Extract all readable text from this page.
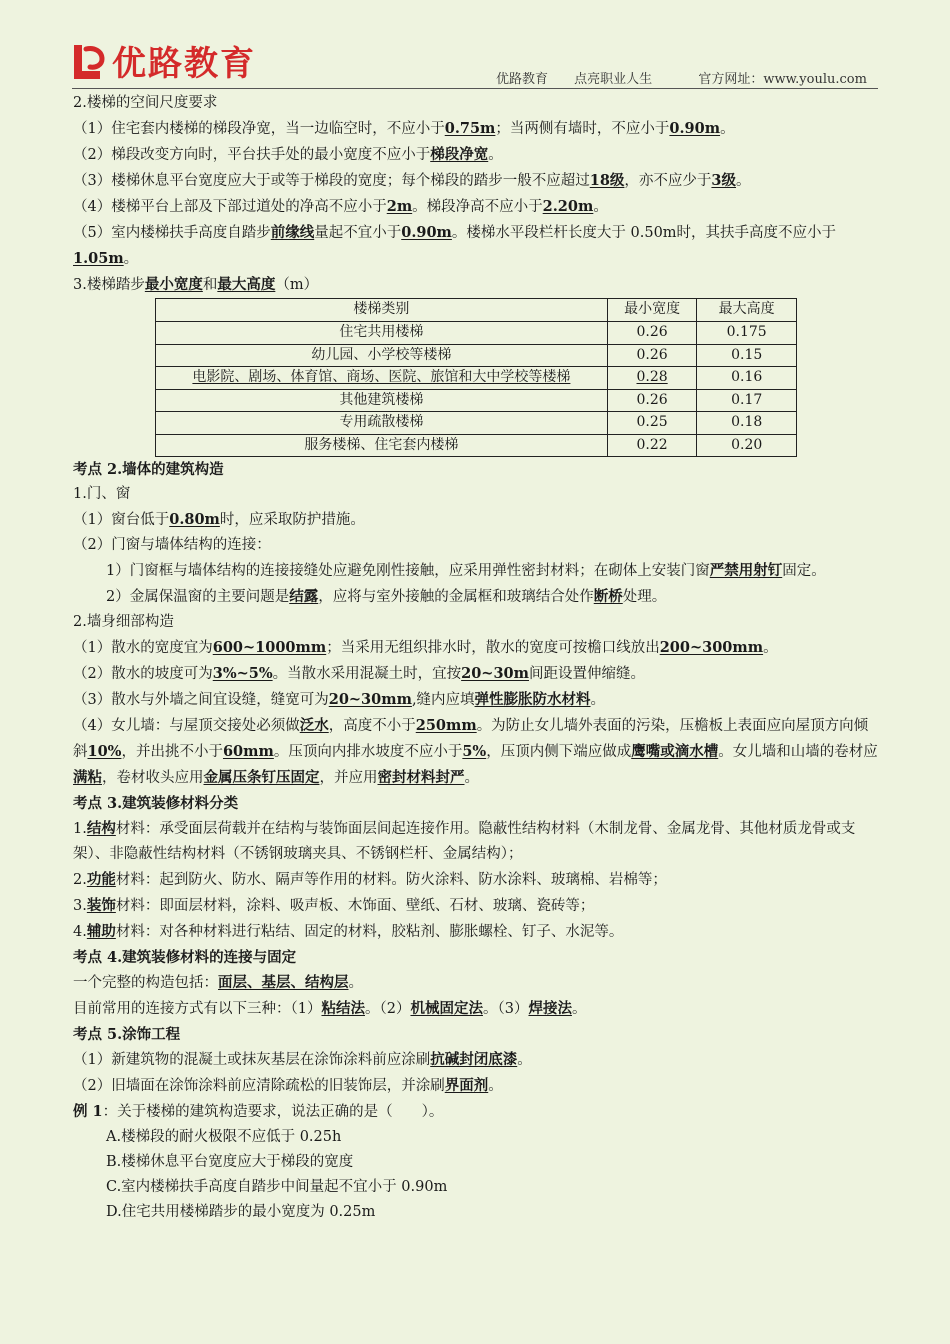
优路教育	优路教育 点亮职业人生	官方网址：www.youlu.com

2.楼梯的空间尺度要求

（1）住宅套内楼梯的梯段净宽，当一边临空时，不应小于0.75m；当两侧有墙时，不应小于0.90m。

（2）梯段改变方向时，平台扶手处的最小宽度不应小于梯段净宽。

（3）楼梯休息平台宽度应大于或等于梯段的宽度；每个梯段的踏步一般不应超过18级，亦不应少于3级。

（4）楼梯平台上部及下部过道处的净高不应小于2m。梯段净高不应小于2.20m。

（5）室内楼梯扶手高度自踏步前缘线量起不宜小于0.90m。楼梯水平段栏杆长度大于 0.50m时，其扶手高度不应小于1.05m。

3.楼梯踏步最小宽度和最大高度（m）

楼梯类别	最小宽度	最大高度
住宅共用楼梯	0.26	0.175
幼儿园、小学校等楼梯	0.26	0.15
电影院、剧场、体育馆、商场、医院、旅馆和大中学校等楼梯	0.28	0.16
其他建筑楼梯	0.26	0.17
专用疏散楼梯	0.25	0.18
服务楼梯、住宅套内楼梯	0.22	0.20

考点 2.墙体的建筑构造

1.门、窗

（1）窗台低于0.80m时，应采取防护措施。

（2）门窗与墙体结构的连接：

1）门窗框与墙体结构的连接接缝处应避免刚性接触，应采用弹性密封材料；在砌体上安装门窗严禁用射钉固定。

2）金属保温窗的主要问题是结露，应将与室外接触的金属框和玻璃结合处作断桥处理。

2.墙身细部构造

（1）散水的宽度宜为600~1000mm；当采用无组织排水时，散水的宽度可按檐口线放出200~300mm。

（2）散水的坡度可为3%~5%。当散水采用混凝土时，宜按20~30m间距设置伸缩缝。

（3）散水与外墙之间宜设缝，缝宽可为20~30mm,缝内应填弹性膨胀防水材料。

（4）女儿墙：与屋顶交接处必须做泛水，高度不小于250mm。为防止女儿墙外表面的污染，压檐板上表面应向屋顶方向倾斜10%，并出挑不小于60mm。压顶向内排水坡度不应小于5%，压顶内侧下端应做成鹰嘴或滴水槽。女儿墙和山墙的卷材应满粘，卷材收头应用金属压条钉压固定，并应用密封材料封严。

考点 3.建筑装修材料分类

1.结构材料：承受面层荷载并在结构与装饰面层间起连接作用。隐蔽性结构材料（木制龙骨、金属龙骨、其他材质龙骨或支架）、非隐蔽性结构材料（不锈钢玻璃夹具、不锈钢栏杆、金属结构）；

2.功能材料：起到防火、防水、隔声等作用的材料。防火涂料、防水涂料、玻璃棉、岩棉等；

3.装饰材料：即面层材料，涂料、吸声板、木饰面、壁纸、石材、玻璃、瓷砖等；

4.辅助材料：对各种材料进行粘结、固定的材料，胶粘剂、膨胀螺栓、钉子、水泥等。

考点 4.建筑装修材料的连接与固定

一个完整的构造包括：面层、基层、结构层。

目前常用的连接方式有以下三种：（1）粘结法。（2）机械固定法。（3）焊接法。

考点 5.涂饰工程

（1）新建筑物的混凝土或抹灰基层在涂饰涂料前应涂刷抗碱封闭底漆。

（2）旧墙面在涂饰涂料前应清除疏松的旧装饰层，并涂刷界面剂。

例 1：关于楼梯的建筑构造要求，说法正确的是（　　）。

A.楼梯段的耐火极限不应低于 0.25h

B.楼梯休息平台宽度应大于梯段的宽度

C.室内楼梯扶手高度自踏步中间量起不宜小于 0.90m

D.住宅共用楼梯踏步的最小宽度为 0.25m
